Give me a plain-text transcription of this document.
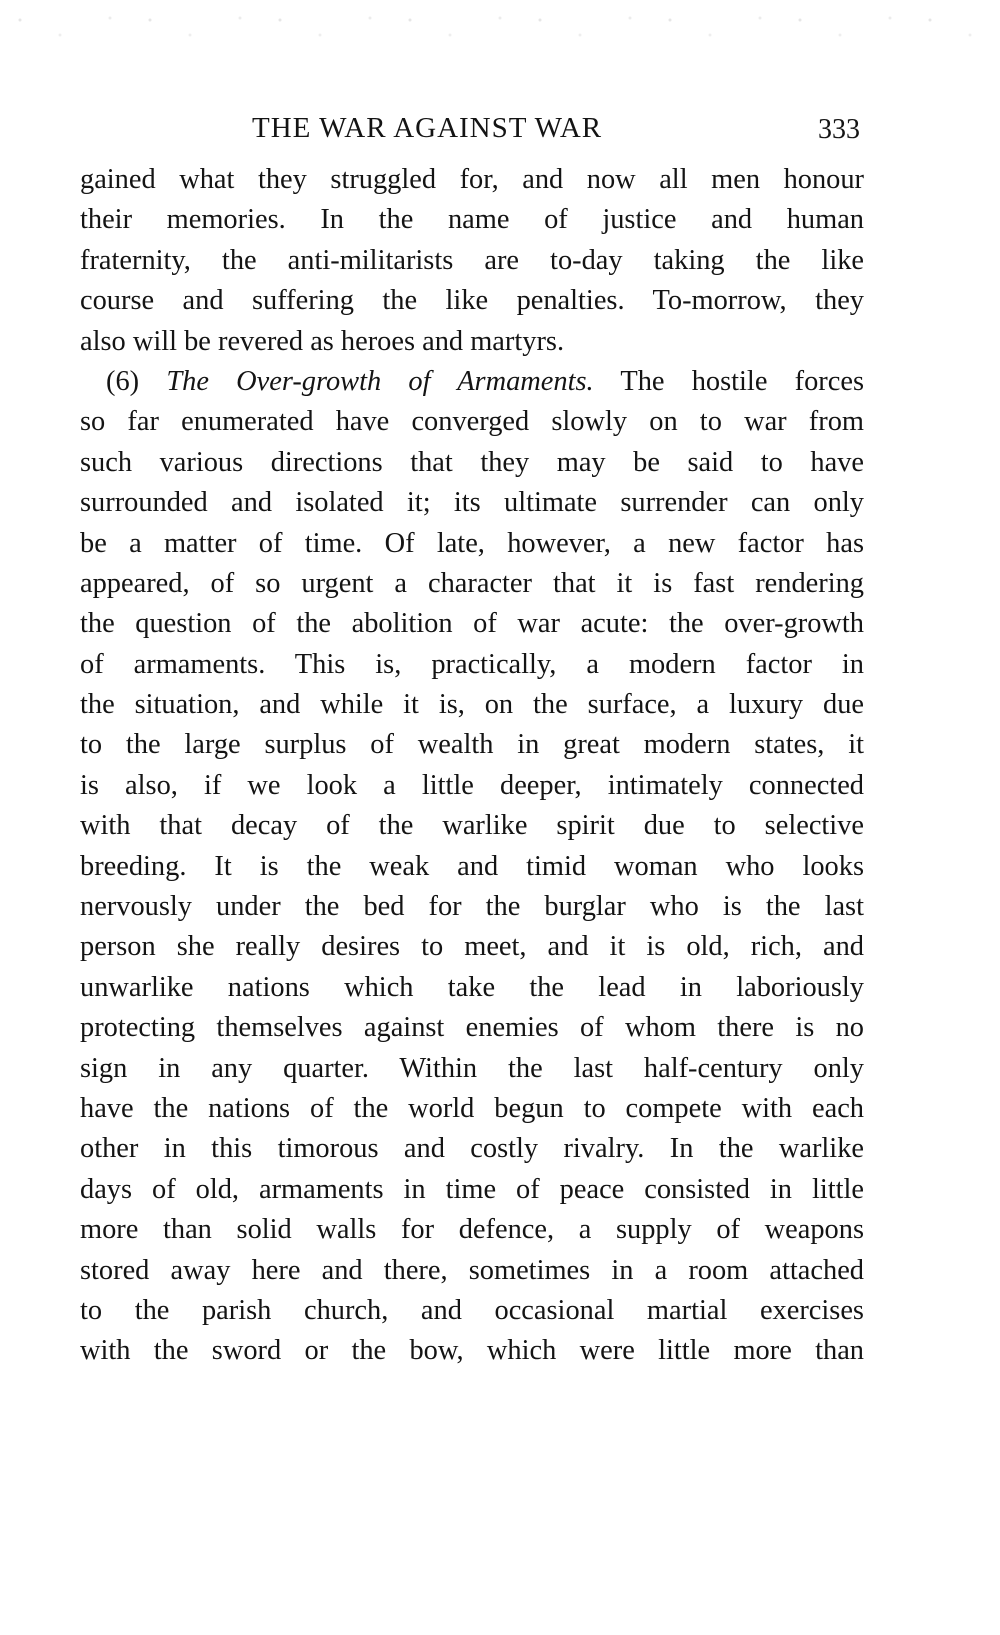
THE WAR AGAINST WAR	333
gained what they struggled for, and now all men honour
their memories. In the name of justice and human
fraternity, the anti-militarists are to-day taking the like
course and suffering the like penalties. To-morrow, they
also will be revered as heroes and martyrs.
(6) The Over-growth of Armaments. The hostile forces
so far enumerated have converged slowly on to war from
such various directions that they may be said to have
surrounded and isolated it; its ultimate surrender can only
be a matter of time. Of late, however, a new factor has
appeared, of so urgent a character that it is fast rendering
the question of the abolition of war acute: the over-growth
of armaments. This is, practically, a modern factor in
the situation, and while it is, on the surface, a luxury due
to the large surplus of wealth in great modern states, it
is also, if we look a little deeper, intimately connected
with that decay of the warlike spirit due to selective
breeding. It is the weak and timid woman who looks
nervously under the bed for the burglar who is the last
person she really desires to meet, and it is old, rich, and
unwarlike nations which take the lead in laboriously
protecting themselves against enemies of whom there is no
sign in any quarter. Within the last half-century only
have the nations of the world begun to compete with each
other in this timorous and costly rivalry. In the warlike
days of old, armaments in time of peace consisted in little
more than solid walls for defence, a supply of weapons
stored away here and there, sometimes in a room attached
to the parish church, and occasional martial exercises
with the sword or the bow, which were little more than
